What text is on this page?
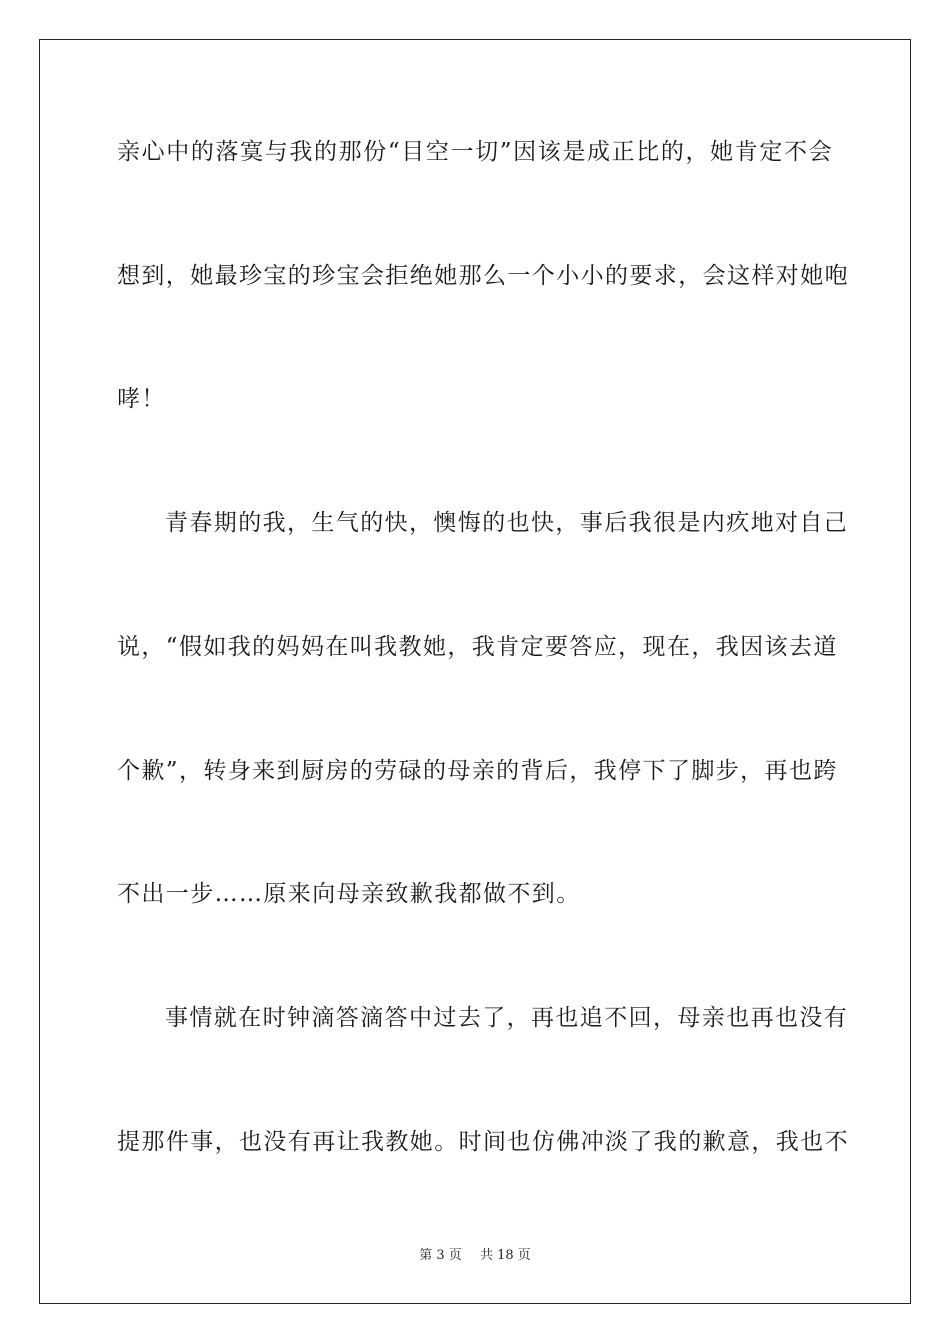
亲心中的落寞与我的那份“目空一切”因该是成正比的，她肯定不会
想到，她最珍宝的珍宝会拒绝她那么一个小小的要求，会这样对她咆
哮！
青春期的我，生气的快，懊悔的也快，事后我很是内疚地对自己
说，“假如我的妈妈在叫我教她，我肯定要答应，现在，我因该去道
个歉”，转身来到厨房的劳碌的母亲的背后，我停下了脚步，再也跨
不出一步……原来向母亲致歉我都做不到。
事情就在时钟滴答滴答中过去了，再也追不回，母亲也再也没有
提那件事，也没有再让我教她。时间也仿佛冲淡了我的歉意，我也不
第 3 页 共 18 页
